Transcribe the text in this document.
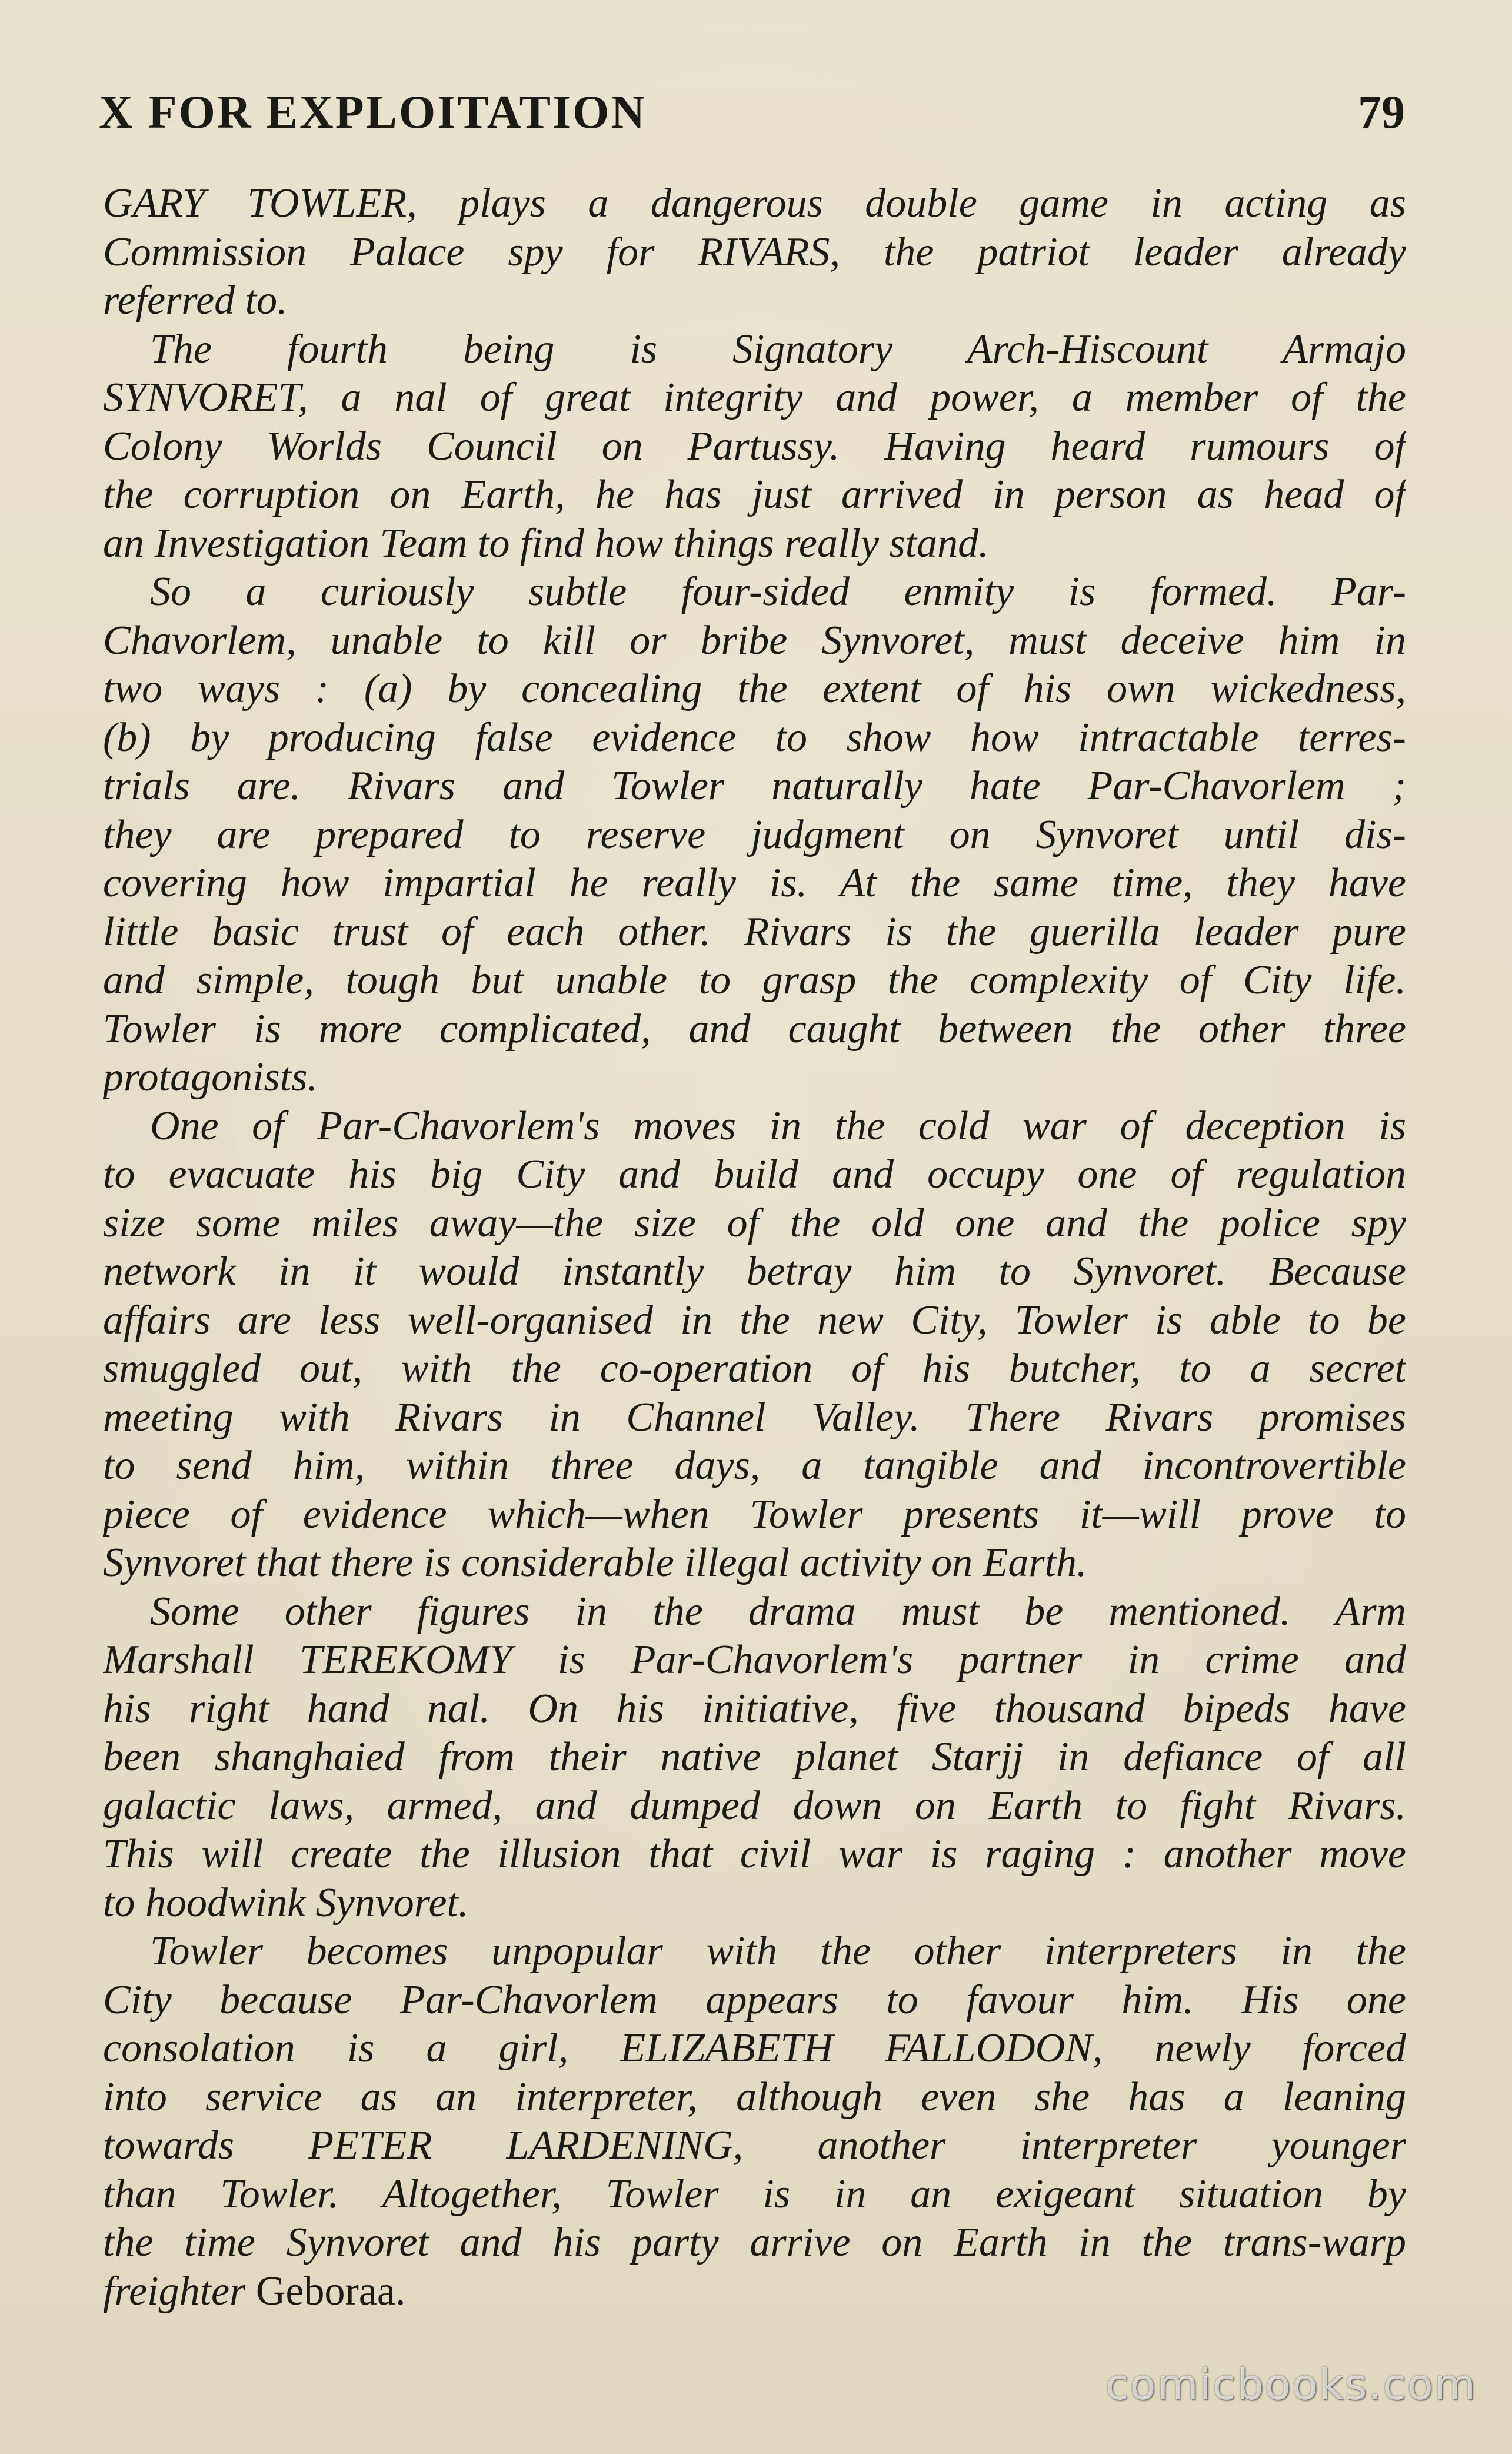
X FOR EXPLOITATION	79
GARY TOWLER, plays a dangerous double game in acting as
Commission Palace spy for RIVARS, the patriot leader already
referred to.
The fourth being is Signatory Arch-Hiscount Armajo
SYNVORET, a nal of great integrity and power, a member of the
Colony Worlds Council on Partussy. Having heard rumours of
the corruption on Earth, he has just arrived in person as head of
an Investigation Team to find how things really stand.
So a curiously subtle four-sided enmity is formed. Par-
Chavorlem, unable to kill or bribe Synvoret, must deceive him in
two ways : (a) by concealing the extent of his own wickedness,
(b) by producing false evidence to show how intractable terres-
trials are. Rivars and Towler naturally hate Par-Chavorlem ;
they are prepared to reserve judgment on Synvoret until dis-
covering how impartial he really is. At the same time, they have
little basic trust of each other. Rivars is the guerilla leader pure
and simple, tough but unable to grasp the complexity of City life.
Towler is more complicated, and caught between the other three
protagonists.
One of Par-Chavorlem's moves in the cold war of deception is
to evacuate his big City and build and occupy one of regulation
size some miles away—the size of the old one and the police spy
network in it would instantly betray him to Synvoret. Because
affairs are less well-organised in the new City, Towler is able to be
smuggled out, with the co-operation of his butcher, to a secret
meeting with Rivars in Channel Valley. There Rivars promises
to send him, within three days, a tangible and incontrovertible
piece of evidence which—when Towler presents it—will prove to
Synvoret that there is considerable illegal activity on Earth.
Some other figures in the drama must be mentioned. Arm
Marshall TEREKOMY is Par-Chavorlem's partner in crime and
his right hand nal. On his initiative, five thousand bipeds have
been shanghaied from their native planet Starjj in defiance of all
galactic laws, armed, and dumped down on Earth to fight Rivars.
This will create the illusion that civil war is raging : another move
to hoodwink Synvoret.
Towler becomes unpopular with the other interpreters in the
City because Par-Chavorlem appears to favour him. His one
consolation is a girl, ELIZABETH FALLODON, newly forced
into service as an interpreter, although even she has a leaning
towards PETER LARDENING, another interpreter younger
than Towler. Altogether, Towler is in an exigeant situation by
the time Synvoret and his party arrive on Earth in the trans-warp
freighter Geboraa.
comicbooks.com
